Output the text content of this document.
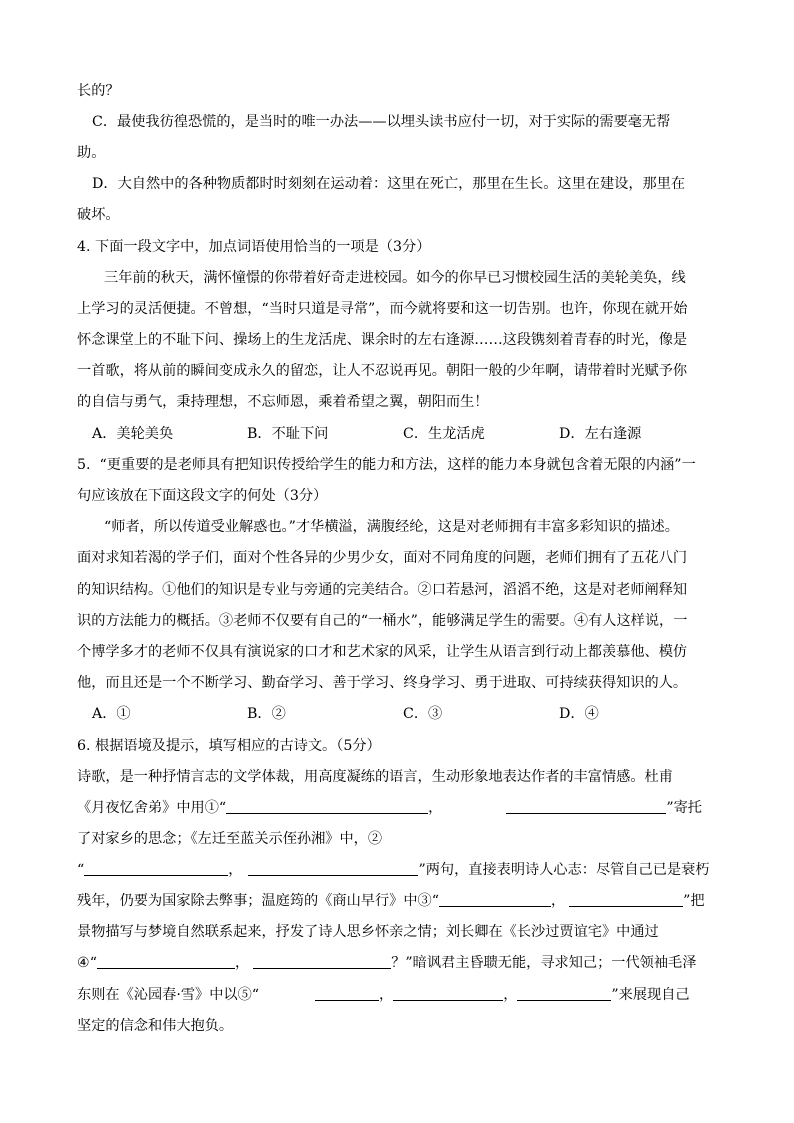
长的？
C．最使我彷徨恐慌的，是当时的唯一办法——以埋头读书应付一切，对于实际的需要毫无帮
助。
D．大自然中的各种物质都时时刻刻在运动着：这里在死亡，那里在生长。这里在建设，那里在
破坏。
4. 下面一段文字中，加点词语使用恰当的一项是（3分）
三年前的秋天，满怀憧憬的你带着好奇走进校园。如今的你早已习惯校园生活的美轮美奂，线
上学习的灵活便捷。不曾想，“当时只道是寻常”，而今就将要和这一切告别。也许，你现在就开始
怀念课堂上的不耻下问、操场上的生龙活虎、课余时的左右逢源……这段镌刻着青春的时光，像是
一首歌，将从前的瞬间变成永久的留恋，让人不忍说再见。朝阳一般的少年啊，请带着时光赋予你
的自信与勇气，秉持理想，不忘师恩，乘着希望之翼，朝阳而生！
A．美轮美奂	B．不耻下问	C．生龙活虎	D．左右逢源
5.  “更重要的是老师具有把知识传授给学生的能力和方法，这样的能力本身就包含着无限的内涵”一
句应该放在下面这段文字的何处（3分）
“师者，所以传道受业解惑也。”才华横溢，满腹经纶，这是对老师拥有丰富多彩知识的描述。
面对求知若渴的学子们，面对个性各异的少男少女，面对不同角度的问题，老师们拥有了五花八门
的知识结构。①他们的知识是专业与旁通的完美结合。②口若悬河，滔滔不绝，这是对老师阐释知
识的方法能力的概括。③老师不仅要有自己的“一桶水”，能够满足学生的需要。④有人这样说，一
个博学多才的老师不仅具有演说家的口才和艺术家的风采，让学生从语言到行动上都羡慕他、模仿
他，而且还是一个不断学习、勤奋学习、善于学习、终身学习、勇于进取、可持续获得知识的人。
A．①	B．②	C．③	D．④
6. 根据语境及提示，填写相应的古诗文。（5分）
诗歌，是一种抒情言志的文学体裁，用高度凝练的语言，生动形象地表达作者的丰富情感。杜甫
《月夜忆舍弟》中用①“	，	”寄托
了对家乡的思念；《左迁至蓝关示侄孙湘》中，②
“	，	”两句，直接表明诗人心志：尽管自己已是衰朽
残年，仍要为国家除去弊事；温庭筠的《商山早行》中③“	，	”把
景物描写与梦境自然联系起来，抒发了诗人思乡怀亲之情；刘长卿在《长沙过贾谊宅》中通过
④“	，	？”暗讽君主昏聩无能，寻求知己；一代领袖毛泽
东则在《沁园春·雪》中以⑤“	，	，	”来展现自己
坚定的信念和伟大抱负。
